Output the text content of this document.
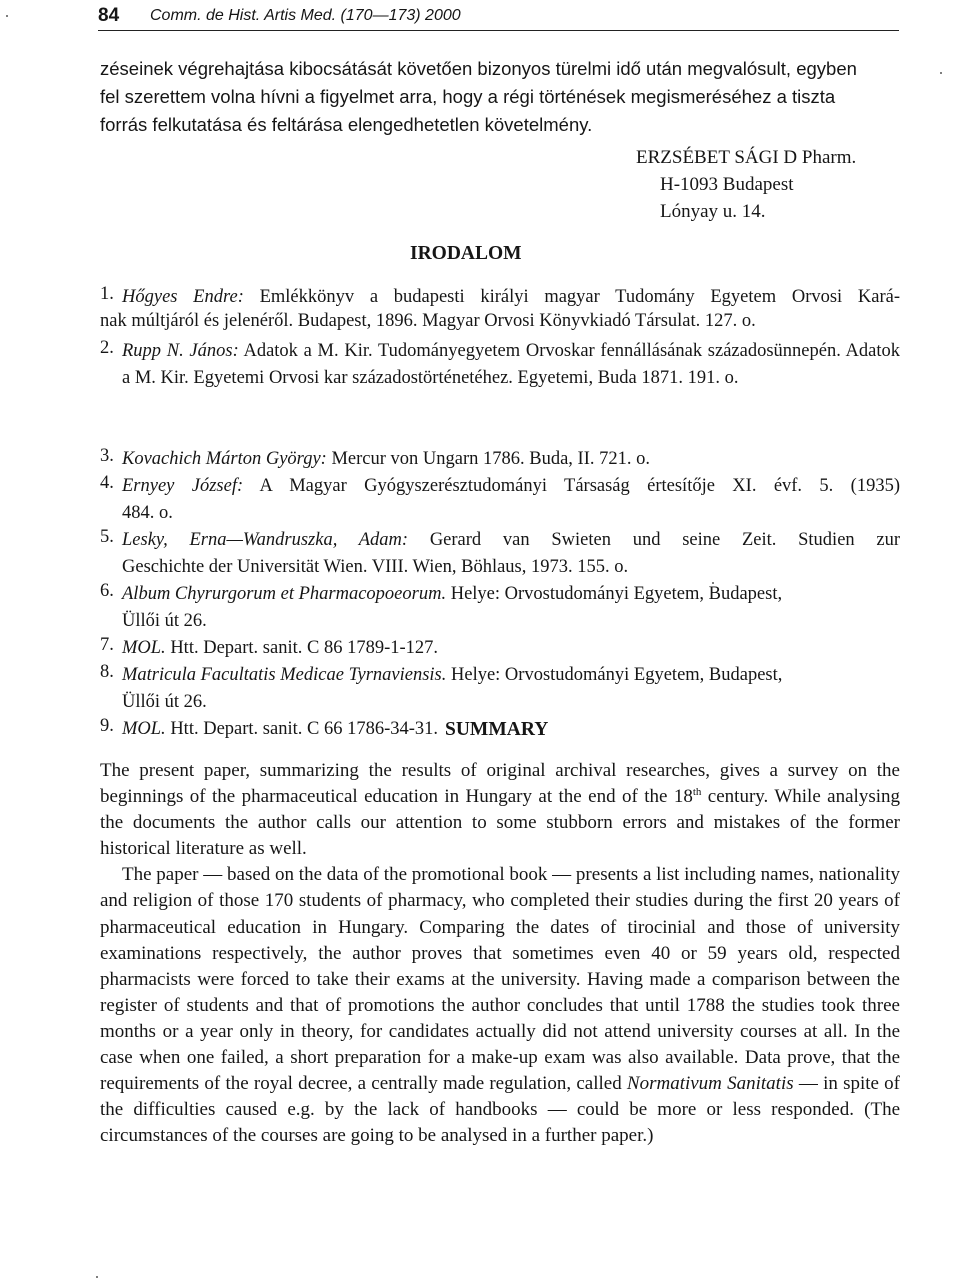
84 Comm. de Hist. Artis Med. (170—173) 2000
zéseinek végrehajtása kibocsátását követően bizonyos türelmi idő után megvalósult, egyben
fel szerettem volna hívni a figyelmet arra, hogy a régi történések megismeréséhez a tiszta
forrás felkutatása és feltárása elengedhetetlen követelmény.
ERZSÉBET SÁGI D Pharm.
H-1093 Budapest
Lónyay u. 14.
IRODALOM
1. Hőgyes Endre: Emlékkönyv a budapesti királyi magyar Tudomány Egyetem Orvosi Kará-
nak múltjáról és jelenéről. Budapest, 1896. Magyar Orvosi Könyvkiadó Társulat. 127. o.
2. Rupp N. János: Adatok a M. Kir. Tudományegyetem Orvoskar fennállásának századosünnepén. Adatok a M. Kir. Egyetemi Orvosi kar századostörténetéhez. Egyetemi, Buda 1871. 191. o.
3. Kovachich Márton György: Mercur von Ungarn 1786. Buda, II. 721. o.
4. Ernyey József: A Magyar Gyógyszerésztudományi Társaság értesítője XI. évf. 5. (1935)
484. o.
5. Lesky, Erna—Wandruszka, Adam: Gerard van Swieten und seine Zeit. Studien zur
Geschichte der Universität Wien. VIII. Wien, Böhlaus, 1973. 155. o.
6. Album Chyrurgorum et Pharmacopoeorum. Helye: Orvostudományi Egyetem, Budapest,
Üllői út 26.
7. MOL. Htt. Depart. sanit. C 86 1789-1-127.
8. Matricula Facultatis Medicae Tyrnaviensis. Helye: Orvostudományi Egyetem, Budapest,
Üllői út 26.
9. MOL. Htt. Depart. sanit. C 66 1786-34-31. SUMMARY

The present paper, summarizing the results of original archival researches, gives a survey on the beginnings of the pharmaceutical education in Hungary at the end of the 18th century. While analysing the documents the author calls our attention to some stubborn errors and mistakes of the former historical literature as well.

The paper — based on the data of the promotional book — presents a list including names, nationality and religion of those 170 students of pharmacy, who completed their studies during the first 20 years of pharmaceutical education in Hungary. Comparing the dates of tirocinial and those of university examinations respectively, the author proves that sometimes even 40 or 59 years old, respected pharmacists were forced to take their exams at the university. Having made a comparison between the register of students and that of promotions the author concludes that until 1788 the studies took three months or a year only in theory, for candidates actually did not attend university courses at all. In the case when one failed, a short preparation for a make-up exam was also available. Data prove, that the requirements of the royal decree, a centrally made regulation, called Normativum Sanitatis — in spite of the difficulties caused e.g. by the lack of handbooks — could be more or less responded. (The circumstances of the courses are going to be analysed in a further paper.)
